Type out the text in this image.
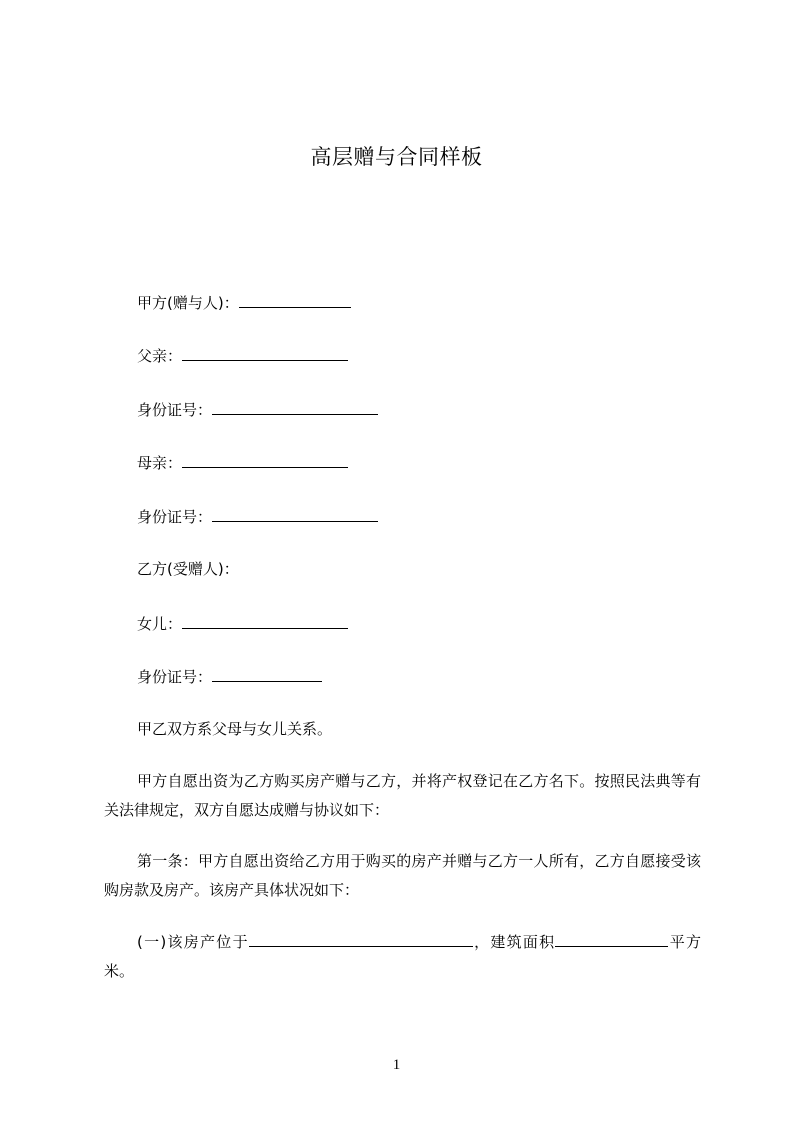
高层赠与合同样板
甲方(赠与人)：
父亲：
身份证号：
母亲：
身份证号：
乙方(受赠人)：
女儿：
身份证号：
甲乙双方系父母与女儿关系。
甲方自愿出资为乙方购买房产赠与乙方，并将产权登记在乙方名下。按照民法典等有关法律规定，双方自愿达成赠与协议如下：
第一条：甲方自愿出资给乙方用于购买的房产并赠与乙方一人所有，乙方自愿接受该购房款及房产。该房产具体状况如下：
(一)该房产位于	，建筑面积	平方米。
1
